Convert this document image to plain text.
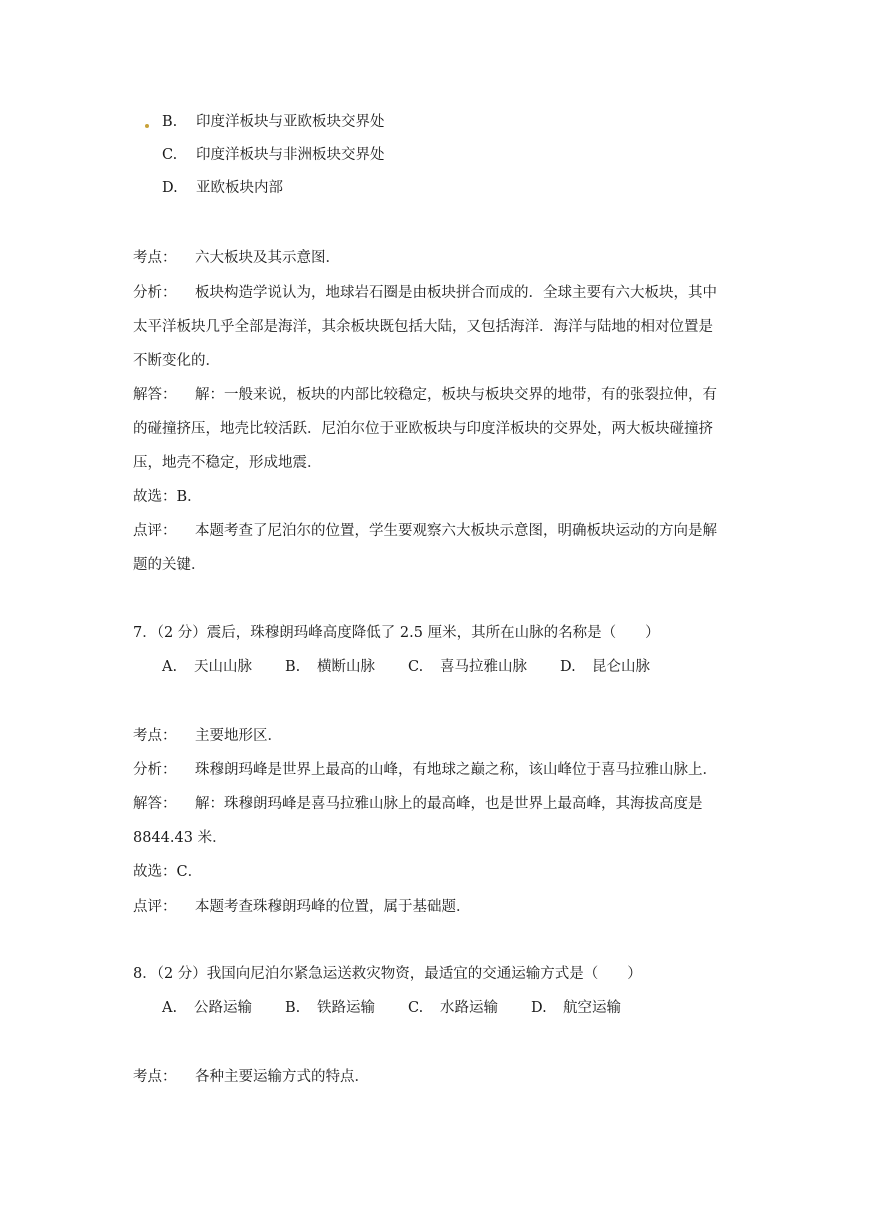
B. 印度洋板块与亚欧板块交界处
C. 印度洋板块与非洲板块交界处
D. 亚欧板块内部
考点： 六大板块及其示意图．
分析： 板块构造学说认为，地球岩石圈是由板块拼合而成的．全球主要有六大板块，其中
太平洋板块几乎全部是海洋，其余板块既包括大陆，又包括海洋．海洋与陆地的相对位置是
不断变化的．
解答： 解：一般来说，板块的内部比较稳定，板块与板块交界的地带，有的张裂拉伸，有
的碰撞挤压，地壳比较活跃．尼泊尔位于亚欧板块与印度洋板块的交界处，两大板块碰撞挤
压，地壳不稳定，形成地震．
故选：B．
点评： 本题考查了尼泊尔的位置，学生要观察六大板块示意图，明确板块运动的方向是解
题的关键．
7．（2 分）震后，珠穆朗玛峰高度降低了 2.5 厘米，其所在山脉的名称是（　　）
A. 天山山脉 B. 横断山脉 C. 喜马拉雅山脉 D. 昆仑山脉
考点： 主要地形区．
分析： 珠穆朗玛峰是世界上最高的山峰，有地球之巅之称，该山峰位于喜马拉雅山脉上．
解答： 解：珠穆朗玛峰是喜马拉雅山脉上的最高峰，也是世界上最高峰，其海拔高度是
8844.43 米．
故选：C．
点评： 本题考查珠穆朗玛峰的位置，属于基础题．
8．（2 分）我国向尼泊尔紧急运送救灾物资，最适宜的交通运输方式是（　　）
A. 公路运输 B. 铁路运输 C. 水路运输 D. 航空运输
考点： 各种主要运输方式的特点．
